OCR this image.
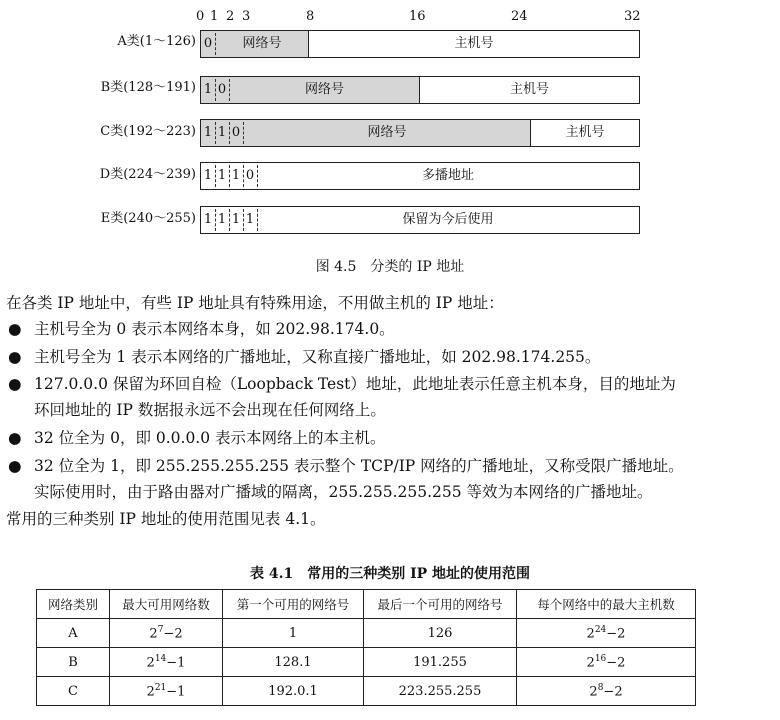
0 1 2 3	8	16	24	32
A类(1～126) 0	网络号	主机号
B类(128～191) 1 0	网络号	主机号
C类(192～223) 1 1 0	网络号	主机号
D类(224～239) 1 1 1 0	多播地址
E类(240～255) 1 1 1 1	保留为今后使用
图 4.5　分类的 IP 地址
在各类 IP 地址中，有些 IP 地址具有特殊用途，不用做主机的 IP 地址：
● 主机号全为 0 表示本网络本身，如 202.98.174.0。
● 主机号全为 1 表示本网络的广播地址，又称直接广播地址，如 202.98.174.255。
● 127.0.0.0 保留为环回自检（Loopback Test）地址，此地址表示任意主机本身，目的地址为
环回地址的 IP 数据报永远不会出现在任何网络上。
● 32 位全为 0，即 0.0.0.0 表示本网络上的本主机。
● 32 位全为 1，即 255.255.255.255 表示整个 TCP/IP 网络的广播地址，又称受限广播地址。
实际使用时，由于路由器对广播域的隔离，255.255.255.255 等效为本网络的广播地址。
常用的三种类别 IP 地址的使用范围见表 4.1。
表 4.1　常用的三种类别 IP 地址的使用范围
网络类别	最大可用网络数	第一个可用的网络号	最后一个可用的网络号	每个网络中的最大主机数
A	$2^7-2$	1	126	$2^{24}-2$
B	$2^{14}-1$	128.1	191.255	$2^{16}-2$
C	$2^{21}-1$	192.0.1	223.255.255	$2^8-2$
